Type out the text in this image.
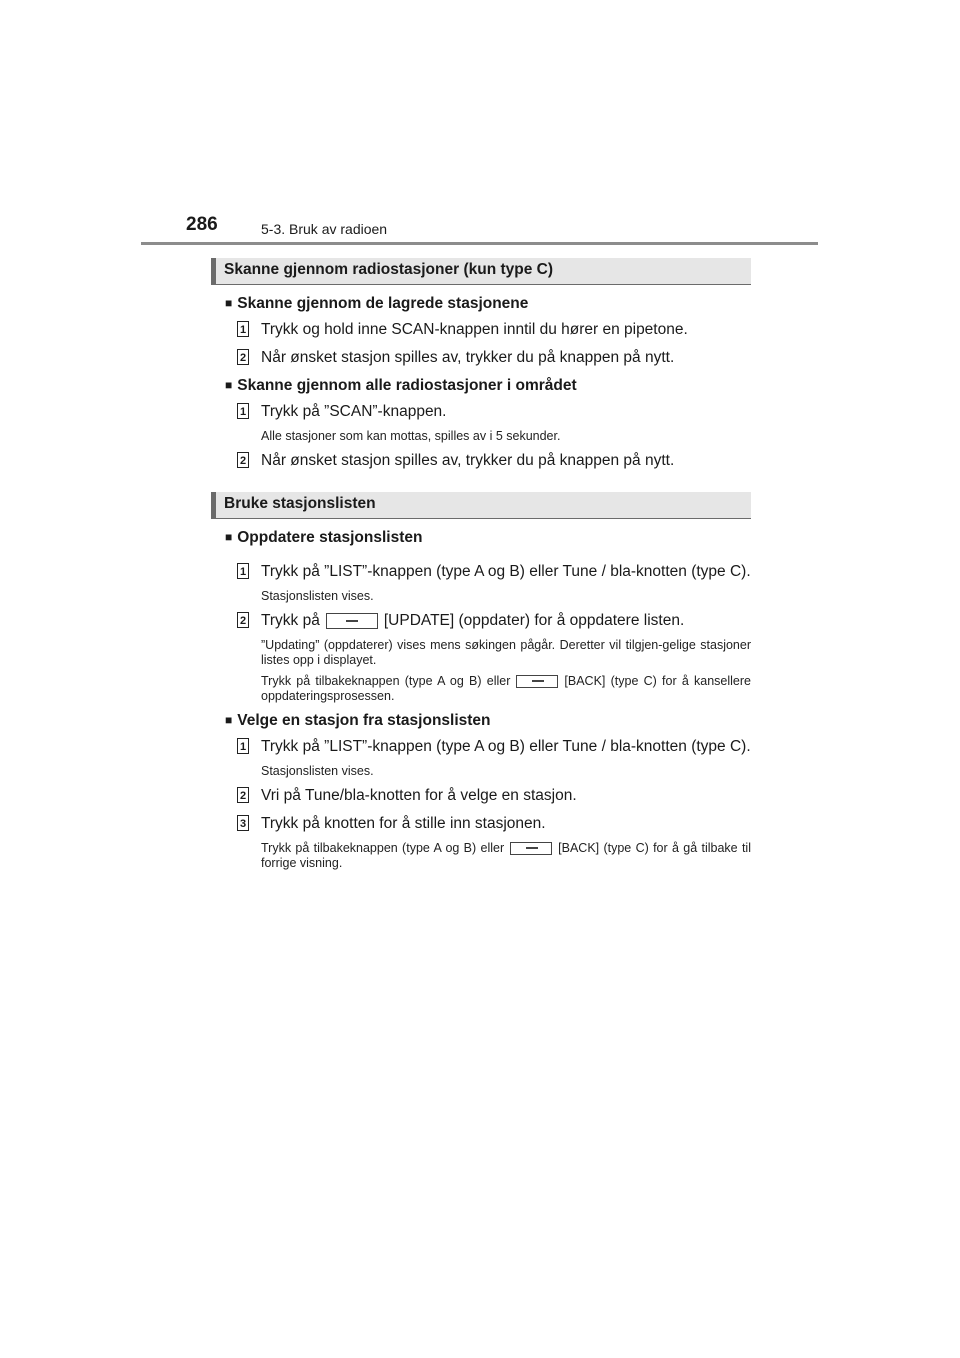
286	5-3. Bruk av radioen
Skanne gjennom radiostasjoner (kun type C)
■ Skanne gjennom de lagrede stasjonene
1 Trykk og hold inne SCAN-knappen inntil du hører en pipetone.
2 Når ønsket stasjon spilles av, trykker du på knappen på nytt.
■ Skanne gjennom alle radiostasjoner i området
1 Trykk på ”SCAN”-knappen.
Alle stasjoner som kan mottas, spilles av i 5 sekunder.
2 Når ønsket stasjon spilles av, trykker du på knappen på nytt.
Bruke stasjonslisten
■ Oppdatere stasjonslisten
1 Trykk på ”LIST”-knappen (type A og B) eller Tune / bla-knotten (type C).
Stasjonslisten vises.
2 Trykk på	[UPDATE] (oppdater) for å oppdatere listen.
”Updating” (oppdaterer) vises mens søkingen pågår. Deretter vil tilgjen-gelige stasjoner listes opp i displayet.
Trykk på tilbakeknappen (type A og B) eller	[BACK] (type C) for å kansellere oppdateringsprosessen.
■ Velge en stasjon fra stasjonslisten
1 Trykk på ”LIST”-knappen (type A og B) eller Tune / bla-knotten (type C).
Stasjonslisten vises.
2 Vri på Tune/bla-knotten for å velge en stasjon.
3 Trykk på knotten for å stille inn stasjonen.
Trykk på tilbakeknappen (type A og B) eller	[BACK] (type C) for å gå tilbake til forrige visning.
